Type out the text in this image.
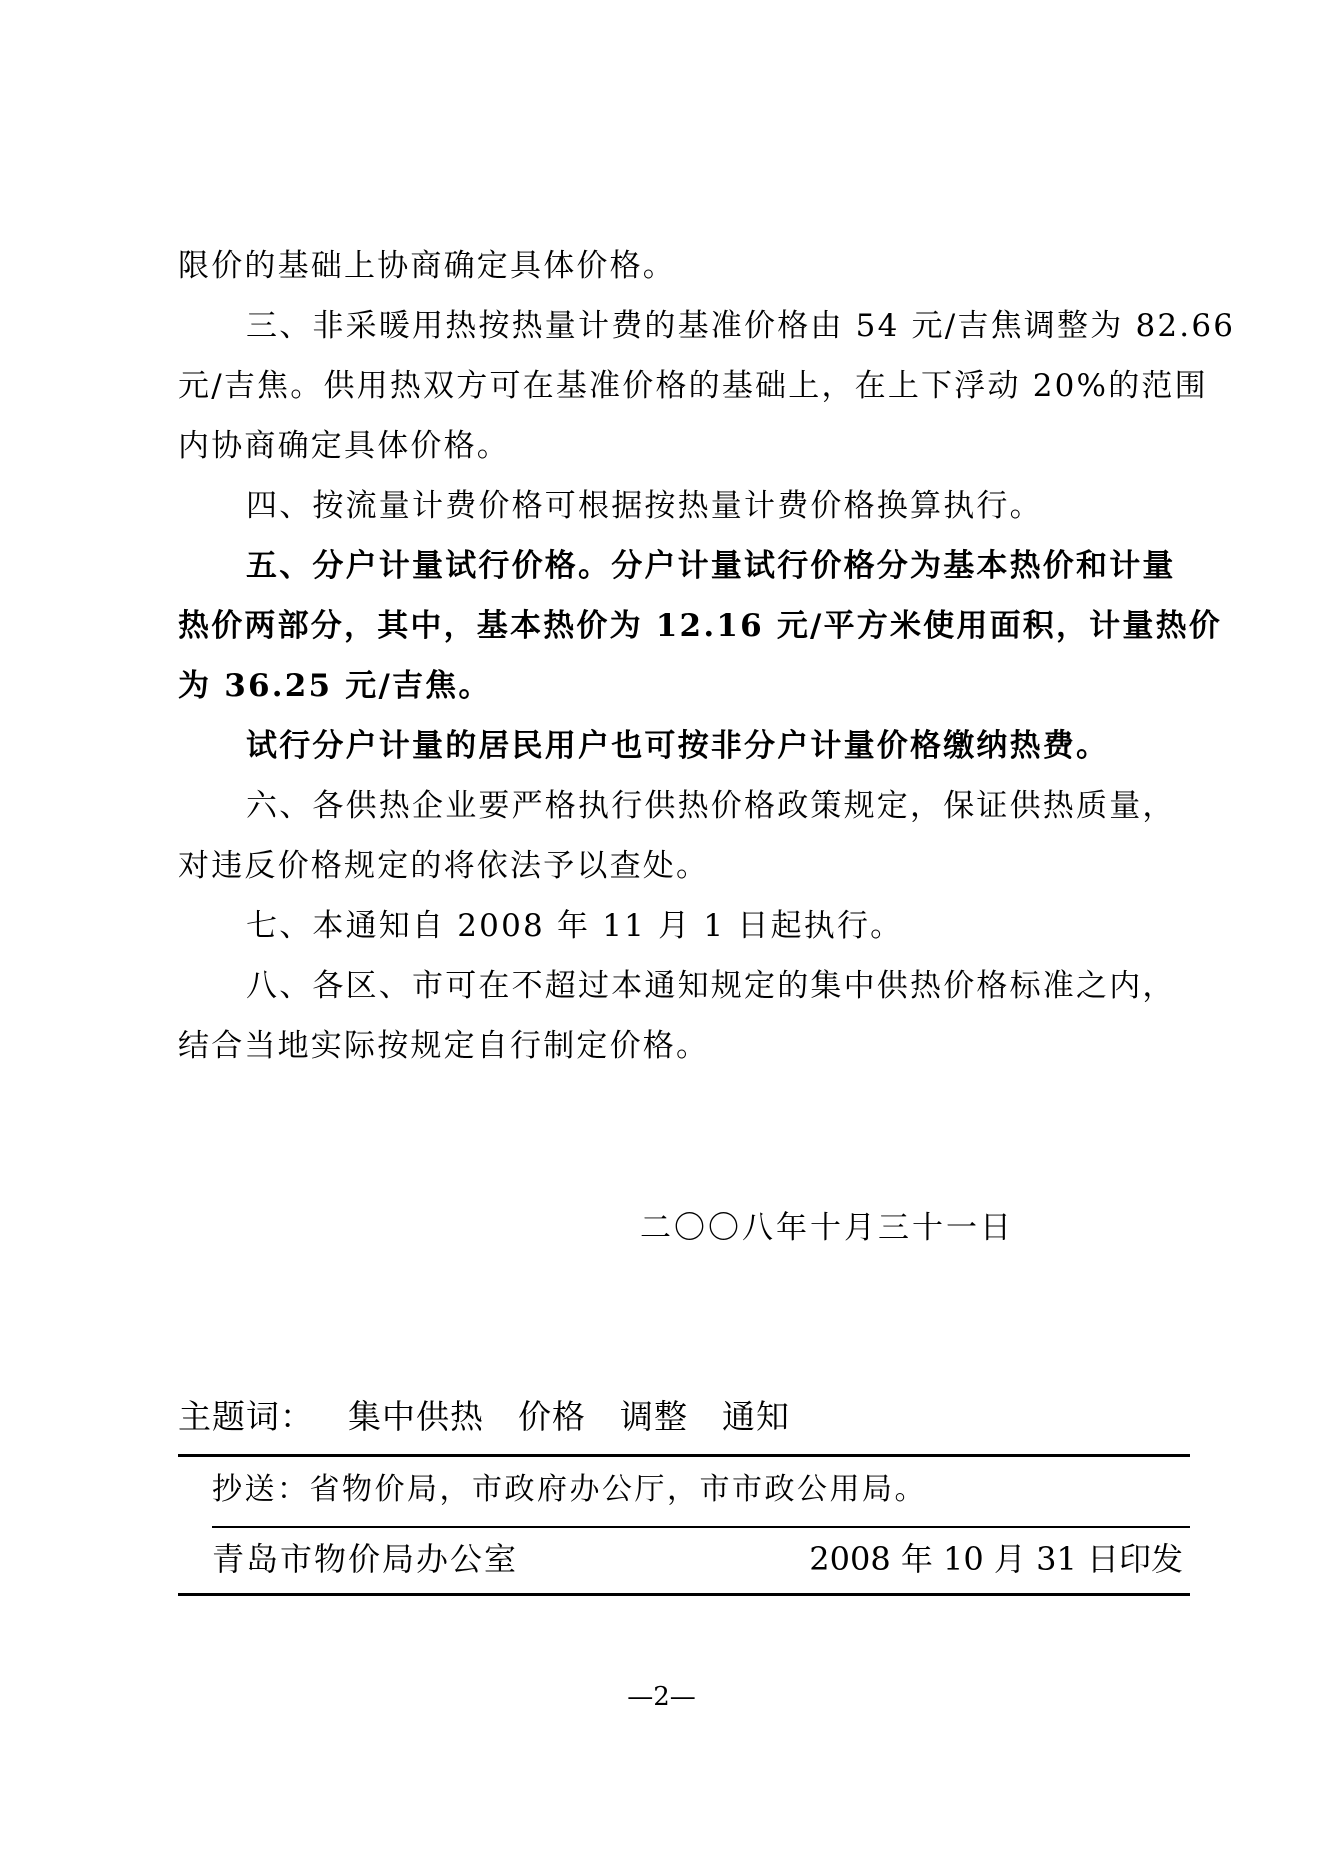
限价的基础上协商确定具体价格。
三、非采暖用热按热量计费的基准价格由 54 元/吉焦调整为 82.66
元/吉焦。供用热双方可在基准价格的基础上，在上下浮动 20%的范围
内协商确定具体价格。
四、按流量计费价格可根据按热量计费价格换算执行。
五、分户计量试行价格。分户计量试行价格分为基本热价和计量
热价两部分，其中，基本热价为 12.16 元/平方米使用面积，计量热价
为 36.25 元/吉焦。
试行分户计量的居民用户也可按非分户计量价格缴纳热费。
六、各供热企业要严格执行供热价格政策规定，保证供热质量，
对违反价格规定的将依法予以查处。
七、本通知自 2008 年 11 月 1 日起执行。
八、各区、市可在不超过本通知规定的集中供热价格标准之内，
结合当地实际按规定自行制定价格。
二〇〇八年十月三十一日
主题词： 集中供热 价格 调整 通知
抄送：省物价局，市政府办公厅，市市政公用局。
青岛市物价局办公室	2008 年 10 月 31 日印发
—2—
